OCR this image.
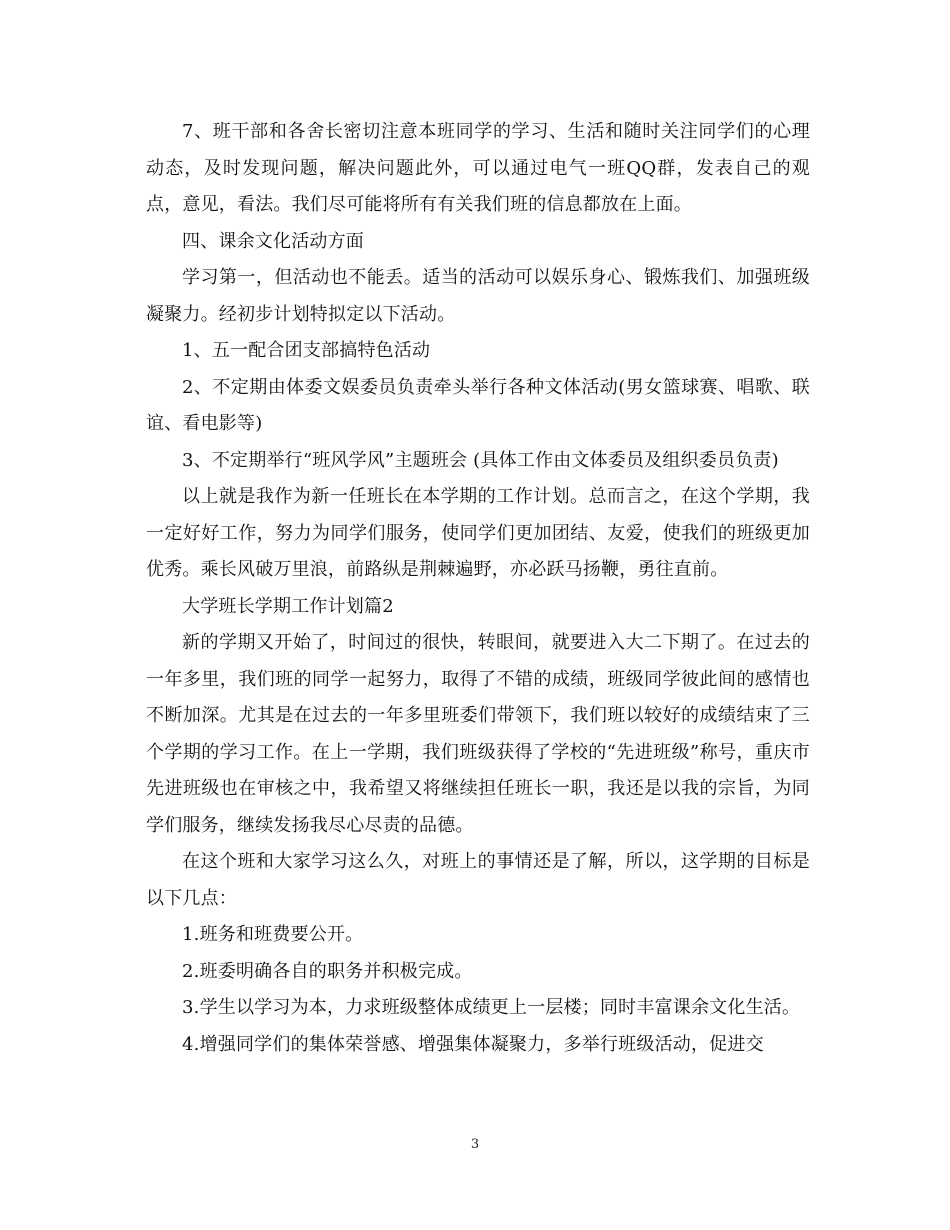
7、班干部和各舍长密切注意本班同学的学习、生活和随时关注同学们的心理动态，及时发现问题，解决问题此外，可以通过电气一班QQ群，发表自己的观点，意见，看法。我们尽可能将所有有关我们班的信息都放在上面。

四、课余文化活动方面

学习第一，但活动也不能丢。适当的活动可以娱乐身心、锻炼我们、加强班级凝聚力。经初步计划特拟定以下活动。

1、五一配合团支部搞特色活动

2、不定期由体委文娱委员负责牵头举行各种文体活动(男女篮球赛、唱歌、联谊、看电影等)

3、不定期举行“班风学风”主题班会 (具体工作由文体委员及组织委员负责)

以上就是我作为新一任班长在本学期的工作计划。总而言之，在这个学期，我一定好好工作，努力为同学们服务，使同学们更加团结、友爱，使我们的班级更加优秀。乘长风破万里浪，前路纵是荆棘遍野，亦必跃马扬鞭，勇往直前。

大学班长学期工作计划篇2

新的学期又开始了，时间过的很快，转眼间，就要进入大二下期了。在过去的一年多里，我们班的同学一起努力，取得了不错的成绩，班级同学彼此间的感情也不断加深。尤其是在过去的一年多里班委们带领下，我们班以较好的成绩结束了三个学期的学习工作。在上一学期，我们班级获得了学校的“先进班级”称号，重庆市先进班级也在审核之中，我希望又将继续担任班长一职，我还是以我的宗旨，为同学们服务，继续发扬我尽心尽责的品德。

在这个班和大家学习这么久，对班上的事情还是了解，所以，这学期的目标是以下几点：

1.班务和班费要公开。

2.班委明确各自的职务并积极完成。

3.学生以学习为本，力求班级整体成绩更上一层楼；同时丰富课余文化生活。

4.增强同学们的集体荣誉感、增强集体凝聚力，多举行班级活动，促进交

3
